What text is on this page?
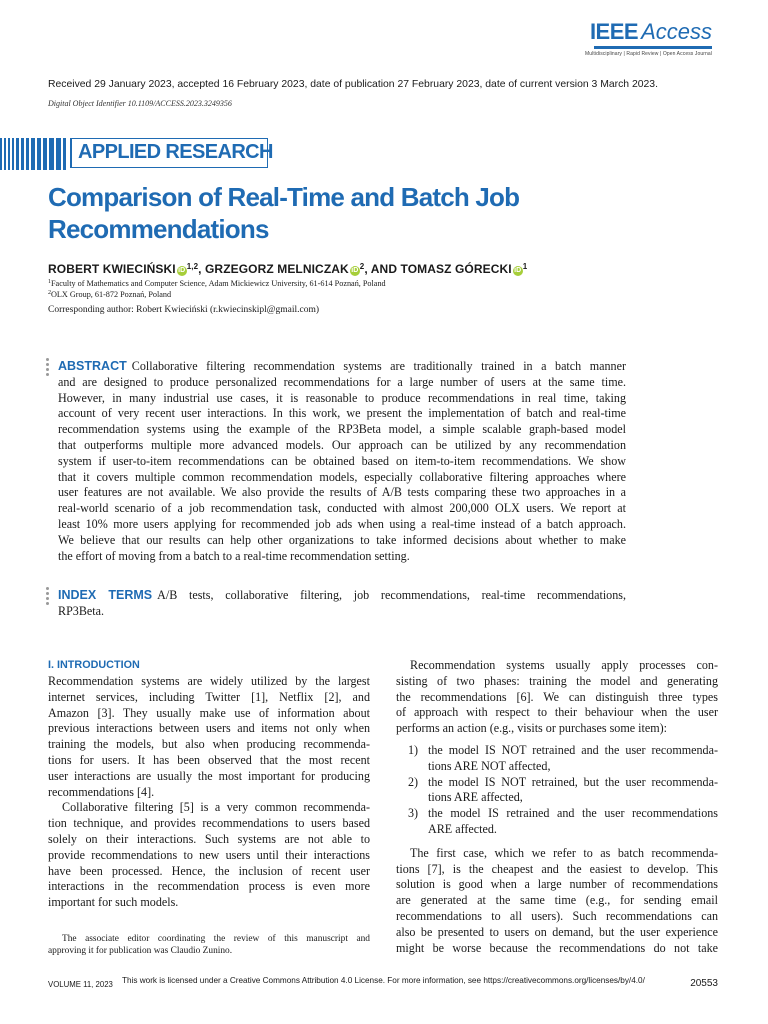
IEEE Access
Multidisciplinary | Rapid Review | Open Access Journal
Received 29 January 2023, accepted 16 February 2023, date of publication 27 February 2023, date of current version 3 March 2023.
Digital Object Identifier 10.1109/ACCESS.2023.3249356
APPLIED RESEARCH
Comparison of Real-Time and Batch Job
Recommendations
ROBERT KWIECIŃSKI iD$^{1,2}$, GRZEGORZ MELNICZAK $iD^2$, AND TOMASZ GÓRECKI $iD^1$
$^1$Faculty of Mathematics and Computer Science, Adam Mickiewicz University, 61-614 Poznań, Poland
$^2$OLX Group, 61-872 Poznań, Poland
Corresponding author: Robert Kwieciński (r.kwiecinskipl@gmail.com)
ABSTRACT Collaborative filtering recommendation systems are traditionally trained in a batch manner
and are designed to produce personalized recommendations for a large number of users at the same time.
However, in many industrial use cases, it is reasonable to produce recommendations in real time, taking
account of very recent user interactions. In this work, we present the implementation of batch and real-time
recommendation systems using the example of the RP3Beta model, a simple scalable graph-based model
that outperforms multiple more advanced models. Our approach can be utilized by any recommendation
system if user-to-item recommendations can be obtained based on item-to-item recommendations. We show
that it covers multiple common recommendation models, especially collaborative filtering approaches where
user features are not available. We also provide the results of A/B tests comparing these two approaches in a
real-world scenario of a job recommendation task, conducted with almost 200,000 OLX users. We report at
least 10% more users applying for recommended job ads when using a real-time instead of a batch approach.
We believe that our results can help other organizations to take informed decisions about whether to make
the effort of moving from a batch to a real-time recommendation setting.
INDEX TERMS A/B tests, collaborative filtering, job recommendations, real-time recommendations,
RP3Beta.
I. INTRODUCTION
Recommendation systems are widely utilized by the largest
internet services, including Twitter [1], Netflix [2], and
Amazon [3]. They usually make use of information about
previous interactions between users and items not only when
training the models, but also when producing recommenda-
tions for users. It has been observed that the most recent
user interactions are usually the most important for producing
recommendations [4].
Collaborative filtering [5] is a very common recommenda-
tion technique, and provides recommendations to users based
solely on their interactions. Such systems are not able to
provide recommendations to new users until their interactions
have been processed. Hence, the inclusion of recent user
interactions in the recommendation process is even more
important for such models.
Recommendation systems usually apply processes con-
sisting of two phases: training the model and generating
the recommendations [6]. We can distinguish three types
of approach with respect to their behaviour when the user
performs an action (e.g., visits or purchases some item):
1) the model IS NOT retrained and the user recommenda-
tions ARE NOT affected,
2) the model IS NOT retrained, but the user recommenda-
tions ARE affected,
3) the model IS retrained and the user recommendations
ARE affected.
The first case, which we refer to as batch recommenda-
tions [7], is the cheapest and the easiest to develop. This
solution is good when a large number of recommendations
are generated at the same time (e.g., for sending email
recommendations to all users). Such recommendations can
also be presented to users on demand, but the user experience
might be worse because the recommendations do not take
The associate editor coordinating the review of this manuscript and
approving it for publication was Claudio Zunino.
VOLUME 11, 2023 This work is licensed under a Creative Commons Attribution 4.0 License. For more information, see https://creativecommons.org/licenses/by/4.0/	20553
